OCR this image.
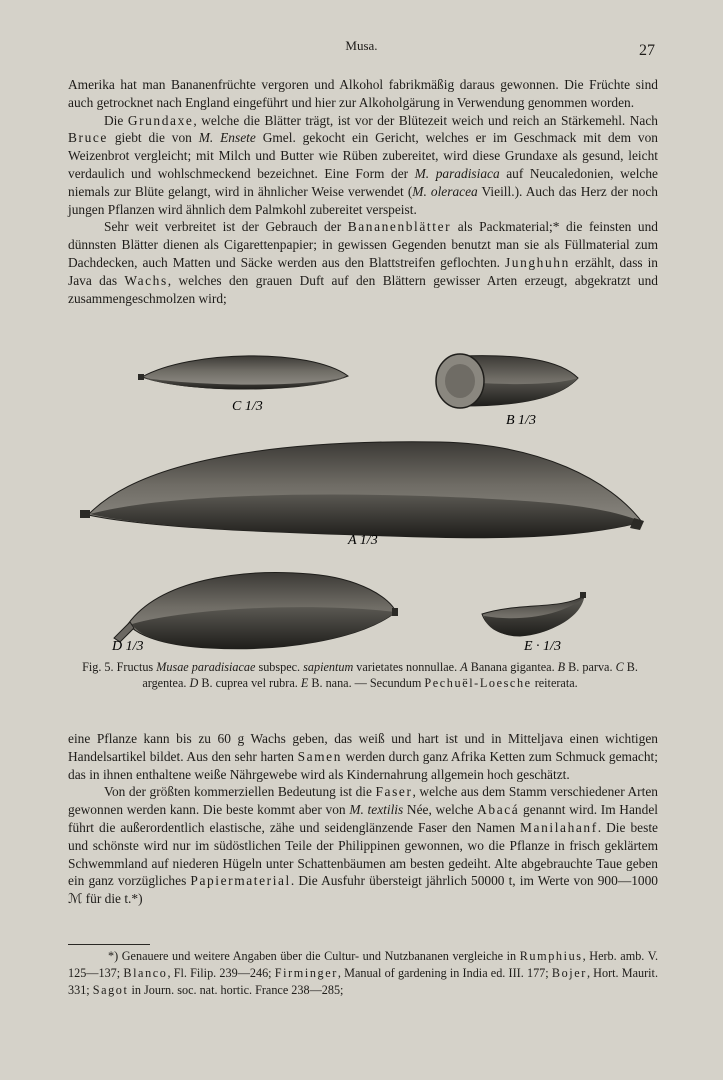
Musa.	27

Amerika hat man Bananenfrüchte vergoren und Alkohol fabrikmäßig daraus gewonnen. Die Früchte sind auch getrocknet nach England eingeführt und hier zur Alkoholgärung in Verwendung genommen worden.

Die Grundaxe, welche die Blätter trägt, ist vor der Blütezeit weich und reich an Stärkemehl. Nach Bruce giebt die von M. Ensete Gmel. gekocht ein Gericht, welches er im Geschmack mit dem von Weizenbrot vergleicht; mit Milch und Butter wie Rüben zubereitet, wird diese Grundaxe als gesund, leicht verdaulich und wohlschmeckend bezeichnet. Eine Form der M. paradisiaca auf Neucaledonien, welche niemals zur Blüte gelangt, wird in ähnlicher Weise verwendet (M. oleracea Vieill.). Auch das Herz der noch jungen Pflanzen wird ähnlich dem Palmkohl zubereitet verspeist.

Sehr weit verbreitet ist der Gebrauch der Bananenblätter als Packmaterial;* die feinsten und dünnsten Blätter dienen als Cigarettenpapier; in gewissen Gegenden benutzt man sie als Füllmaterial zum Dachdecken, auch Matten und Säcke werden aus den Blattstreifen geflochten. Junghuhn erzählt, dass in Java das Wachs, welches den grauen Duft auf den Blättern gewisser Arten erzeugt, abgekratzt und zusammengeschmolzen wird;

C 1/3
B 1/3
A 1/3
D 1/3	E · 1/3
Fig. 5. Fructus Musae paradisiacae subspec. sapientum varietates nonnullae. A Banana gigantea. B B. parva. C B. argentea. D B. cuprea vel rubra. E B. nana. — Secundum Pechuël-Loesche reiterata.

eine Pflanze kann bis zu 60 g Wachs geben, das weiß und hart ist und in Mitteljava einen wichtigen Handelsartikel bildet. Aus den sehr harten Samen werden durch ganz Afrika Ketten zum Schmuck gemacht; das in ihnen enthaltene weiße Nährgewebe wird als Kindernahrung allgemein hoch geschätzt.

Von der größten kommerziellen Bedeutung ist die Faser, welche aus dem Stamm verschiedener Arten gewonnen werden kann. Die beste kommt aber von M. textilis Née, welche Abacá genannt wird. Im Handel führt die außerordentlich elastische, zähe und seidenglänzende Faser den Namen Manilahanf. Die beste und schönste wird nur im südöstlichen Teile der Philippinen gewonnen, wo die Pflanze in frisch geklärtem Schwemmland auf niederen Hügeln unter Schattenbäumen am besten gedeiht. Alte abgebrauchte Taue geben ein ganz vorzügliches Papiermaterial. Die Ausfuhr übersteigt jährlich 50000 t, im Werte von 900—1000 ℳ für die t.*)

*) Genauere und weitere Angaben über die Cultur- und Nutzbananen vergleiche in Rumphius, Herb. amb. V. 125—137; Blanco, Fl. Filip. 239—246; Firminger, Manual of gardening in India ed. III. 177; Bojer, Hort. Maurit. 331; Sagot in Journ. soc. nat. hortic. France 238—285;
